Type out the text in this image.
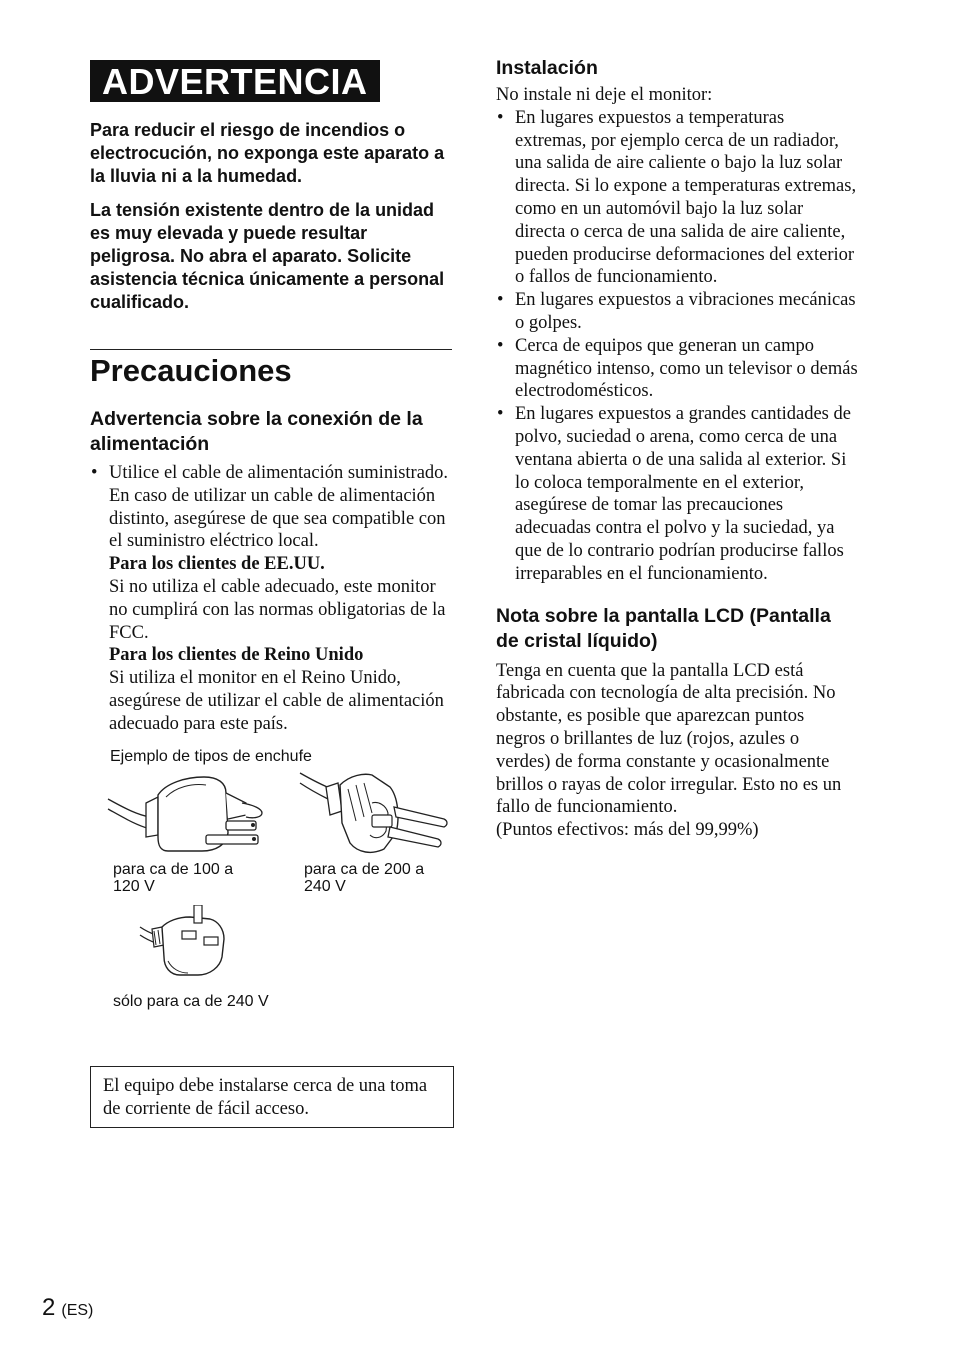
ADVERTENCIA

Para reducir el riesgo de incendios o electrocución, no exponga este aparato a la lluvia ni a la humedad.

La tensión existente dentro de la unidad es muy elevada y puede resultar peligrosa. No abra el aparato. Solicite asistencia técnica únicamente a personal cualificado.

Precauciones
Advertencia sobre la conexión de la alimentación
• Utilice el cable de alimentación suministrado. En caso de utilizar un cable de alimentación distinto, asegúrese de que sea compatible con el suministro eléctrico local.
Para los clientes de EE.UU.
Si no utiliza el cable adecuado, este monitor no cumplirá con las normas obligatorias de la FCC.
Para los clientes de Reino Unido
Si utiliza el monitor en el Reino Unido, asegúrese de utilizar el cable de alimentación adecuado para este país.

Ejemplo de tipos de enchufe

para ca de 100 a 120 V
para ca de 200 a 240 V
sólo para ca de 240 V

El equipo debe instalarse cerca de una toma de corriente de fácil acceso.

Instalación

No instale ni deje el monitor:

• En lugares expuestos a temperaturas extremas, por ejemplo cerca de un radiador, una salida de aire caliente o bajo la luz solar directa. Si lo expone a temperaturas extremas, como en un automóvil bajo la luz solar directa o cerca de una salida de aire caliente, pueden producirse deformaciones del exterior o fallos de funcionamiento.
• En lugares expuestos a vibraciones mecánicas o golpes.
• Cerca de equipos que generan un campo magnético intenso, como un televisor o demás electrodomésticos.
• En lugares expuestos a grandes cantidades de polvo, suciedad o arena, como cerca de una ventana abierta o de una salida al exterior. Si lo coloca temporalmente en el exterior, asegúrese de tomar las precauciones adecuadas contra el polvo y la suciedad, ya que de lo contrario podrían producirse fallos irreparables en el funcionamiento.
Nota sobre la pantalla LCD (Pantalla de cristal líquido)

Tenga en cuenta que la pantalla LCD está fabricada con tecnología de alta precisión. No obstante, es posible que aparezcan puntos negros o brillantes de luz (rojos, azules o verdes) de forma constante y ocasionalmente brillos o rayas de color irregular. Esto no es un fallo de funcionamiento.

(Puntos efectivos: más del 99,99%)

2 (ES)
